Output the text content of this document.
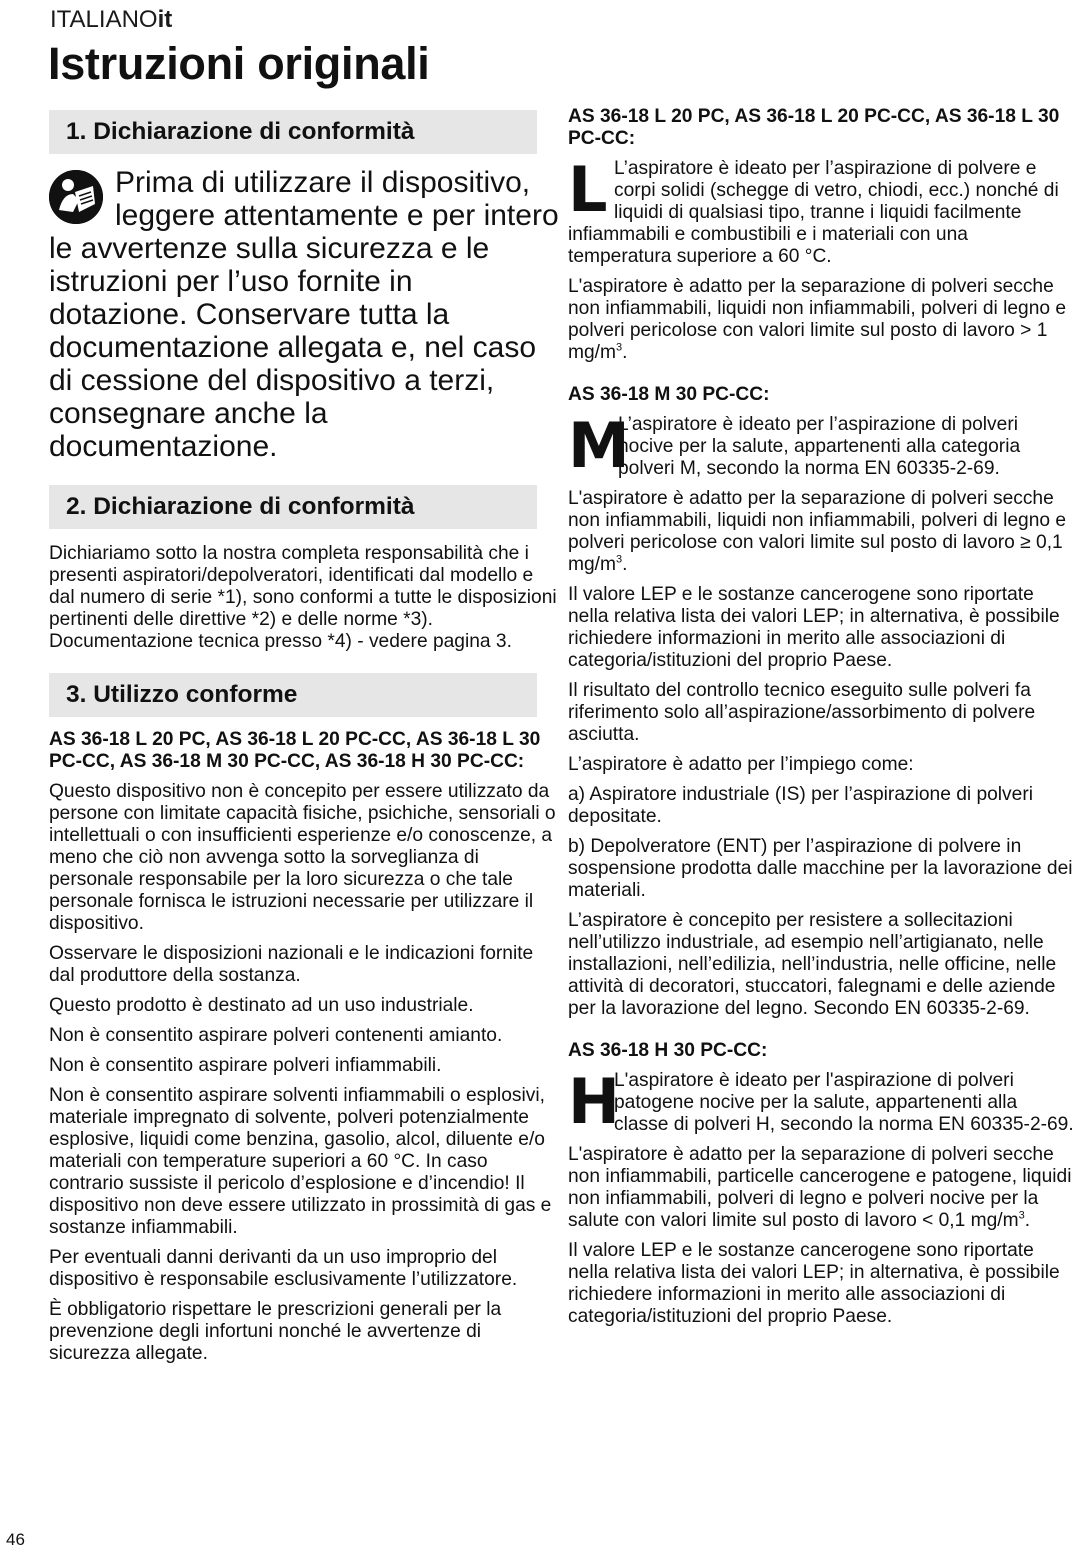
ITALIANOit
Istruzioni originali
1. Dichiarazione di conformità
Prima di utilizzare il dispositivo, leggere attentamente e per intero le avvertenze sulla sicurezza e le istruzioni per l’uso fornite in dotazione. Conservare tutta la documentazione allegata e, nel caso di cessione del dispositivo a terzi, consegnare anche la documentazione.
2. Dichiarazione di conformità

Dichiariamo sotto la nostra completa responsabilità che i presenti aspiratori/depolveratori, identificati dal modello e dal numero di serie *1), sono conformi a tutte le disposizioni pertinenti delle direttive *2) e delle norme *3). Documentazione tecnica presso *4) - vedere pagina 3.

3. Utilizzo conforme

AS 36-18 L 20 PC, AS 36-18 L 20 PC-CC, AS 36-18 L 30 PC-CC, AS 36-18 M 30 PC-CC, AS 36-18 H 30 PC-CC:

Questo dispositivo non è concepito per essere utilizzato da persone con limitate capacità fisiche, psichiche, sensoriali o intellettuali o con insufficienti esperienze e/o conoscenze, a meno che ciò non avvenga sotto la sorveglianza di personale responsabile per la loro sicurezza o che tale personale fornisca le istruzioni necessarie per utilizzare il dispositivo.

Osservare le disposizioni nazionali e le indicazioni fornite dal produttore della sostanza.

Questo prodotto è destinato ad un uso industriale.

Non è consentito aspirare polveri contenenti amianto.

Non è consentito aspirare polveri infiammabili.

Non è consentito aspirare solventi infiammabili o esplosivi, materiale impregnato di solvente, polveri potenzialmente esplosive, liquidi come benzina, gasolio, alcol, diluente e/o materiali con temperature superiori a 60 °C. In caso contrario sussiste il pericolo d’esplosione e d’incendio! Il dispositivo non deve essere utilizzato in prossimità di gas e sostanze infiammabili.

Per eventuali danni derivanti da un uso improprio del dispositivo è responsabile esclusivamente l’utilizzatore.

È obbligatorio rispettare le prescrizioni generali per la prevenzione degli infortuni nonché le avvertenze di sicurezza allegate.

AS 36-18 L 20 PC, AS 36-18 L 20 PC-CC, AS 36-18 L 30 PC-CC:

L L’aspiratore è ideato per l’aspirazione di polvere e corpi solidi (schegge di vetro, chiodi, ecc.) nonché di liquidi di qualsiasi tipo, tranne i liquidi facilmente infiammabili e combustibili e i materiali con una temperatura superiore a 60 °C.

L'aspiratore è adatto per la separazione di polveri secche non infiammabili, liquidi non infiammabili, polveri di legno e polveri pericolose con valori limite sul posto di lavoro > 1 $mg/m^3$.

AS 36-18 M 30 PC-CC:

M

L’aspiratore è ideato per l’aspirazione di polveri nocive per la salute, appartenenti alla categoria polveri M, secondo la norma EN 60335-2-69.

L'aspiratore è adatto per la separazione di polveri secche non infiammabili, liquidi non infiammabili, polveri di legno e polveri pericolose con valori limite sul posto di lavoro ≥ 0,1 $mg/m^3$.

Il valore LEP e le sostanze cancerogene sono riportate nella relativa lista dei valori LEP; in alternativa, è possibile richiedere informazioni in merito alle associazioni di categoria/istituzioni del proprio Paese.

Il risultato del controllo tecnico eseguito sulle polveri fa riferimento solo all’aspirazione/assorbimento di polvere asciutta.

L’aspiratore è adatto per l’impiego come:

a) Aspiratore industriale (IS) per l’aspirazione di polveri depositate.

b) Depolveratore (ENT) per l’aspirazione di polvere in sospensione prodotta dalle macchine per la lavorazione dei materiali.

L’aspiratore è concepito per resistere a sollecitazioni nell’utilizzo industriale, ad esempio nell’artigianato, nelle installazioni, nell’edilizia, nell’industria, nelle officine, nelle attività di decoratori, stuccatori, falegnami e delle aziende per la lavorazione del legno. Secondo EN 60335-2-69.

AS 36-18 H 30 PC-CC:

H

L'aspiratore è ideato per l'aspirazione di polveri patogene nocive per la salute, appartenenti alla classe di polveri H, secondo la norma EN 60335-2-69.

L'aspiratore è adatto per la separazione di polveri secche non infiammabili, particelle cancerogene e patogene, liquidi non infiammabili, polveri di legno e polveri nocive per la salute con valori limite sul posto di lavoro < 0,1 $mg/m^3$.

Il valore LEP e le sostanze cancerogene sono riportate nella relativa lista dei valori LEP; in alternativa, è possibile richiedere informazioni in merito alle associazioni di categoria/istituzioni del proprio Paese.

46
